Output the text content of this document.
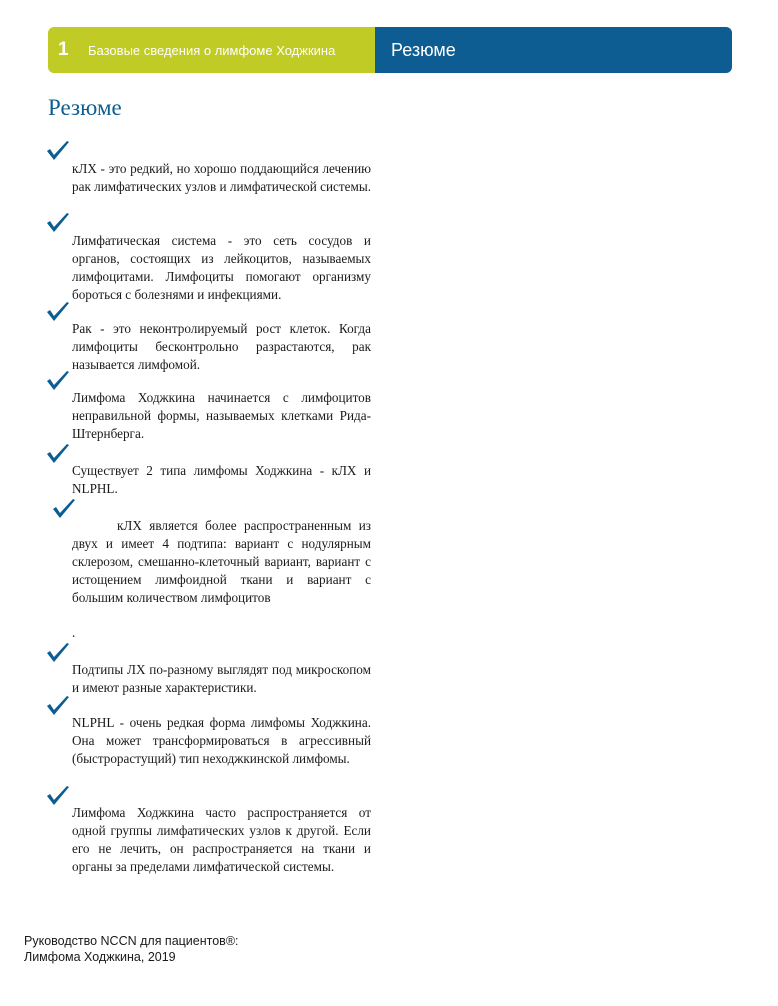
1	Базовые сведения о лимфоме Ходжкина	Резюме
Резюме

кЛХ - это редкий, но хорошо поддающийся лечению рак лимфатических узлов и лимфатической системы.

Лимфатическая система - это сеть сосудов и органов, состоящих из лейкоцитов, называемых лимфоцитами. Лимфоциты помогают организму бороться с болезнями и инфекциями.

Рак - это неконтролируемый рост клеток. Когда лимфоциты бесконтрольно разрастаются, рак называется лимфомой.

Лимфома Ходжкина начинается с лимфоцитов неправильной формы, называемых клетками Рида-Штернберга.

Существует 2 типа лимфомы Ходжкина - кЛХ и NLPHL.

кЛХ является более распространенным из двух и имеет 4 подтипа: вариант с нодулярным склерозом, смешанно-клеточный вариант, вариант с истощением лимфоидной ткани и вариант с большим количеством лимфоцитов

.

Подтипы ЛХ по-разному выглядят под микроскопом и имеют разные характеристики.

NLPHL - очень редкая форма лимфомы Ходжкина. Она может трансформироваться в агрессивный (быстрорастущий) тип неходжкинской лимфомы.

Лимфома Ходжкина часто распространяется от одной группы лимфатических узлов к другой. Если его не лечить, он распространяется на ткани и органы за пределами лимфатической системы.

Руководство NCCN для пациентов®:
Лимфома Ходжкина, 2019
